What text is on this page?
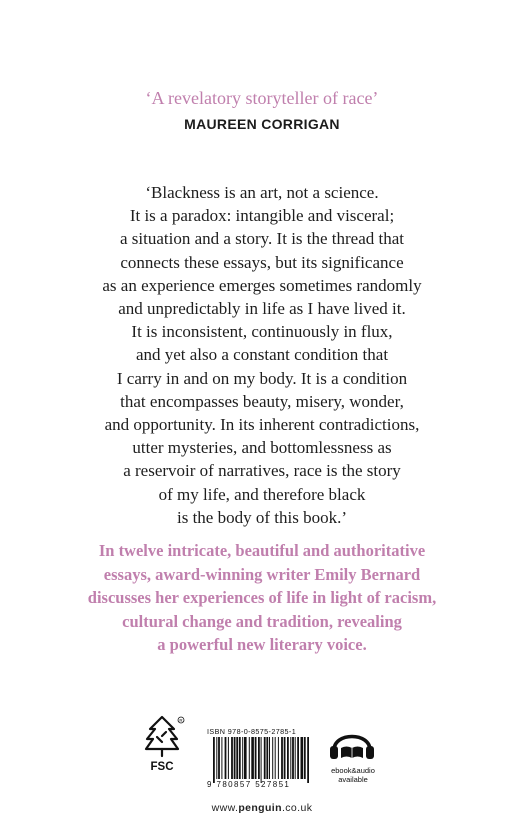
‘A revelatory storyteller of race’
MAUREEN CORRIGAN
‘Blackness is an art, not a science.
It is a paradox: intangible and visceral;
a situation and a story. It is the thread that
connects these essays, but its significance
as an experience emerges sometimes randomly
and unpredictably in life as I have lived it.
It is inconsistent, continuously in flux,
and yet also a constant condition that
I carry in and on my body. It is a condition
that encompasses beauty, misery, wonder,
and opportunity. In its inherent contradictions,
utter mysteries, and bottomlessness as
a reservoir of narratives, race is the story
of my life, and therefore black
is the body of this book.’
In twelve intricate, beautiful and authoritative
essays, award-winning writer Emily Bernard
discusses her experiences of life in light of racism,
cultural change and tradition, revealing
a powerful new literary voice.
R
FSC
ISBN 978-0-8575-2785-1
9 780857 527851
ebook&audio
available
www.penguin.co.uk
